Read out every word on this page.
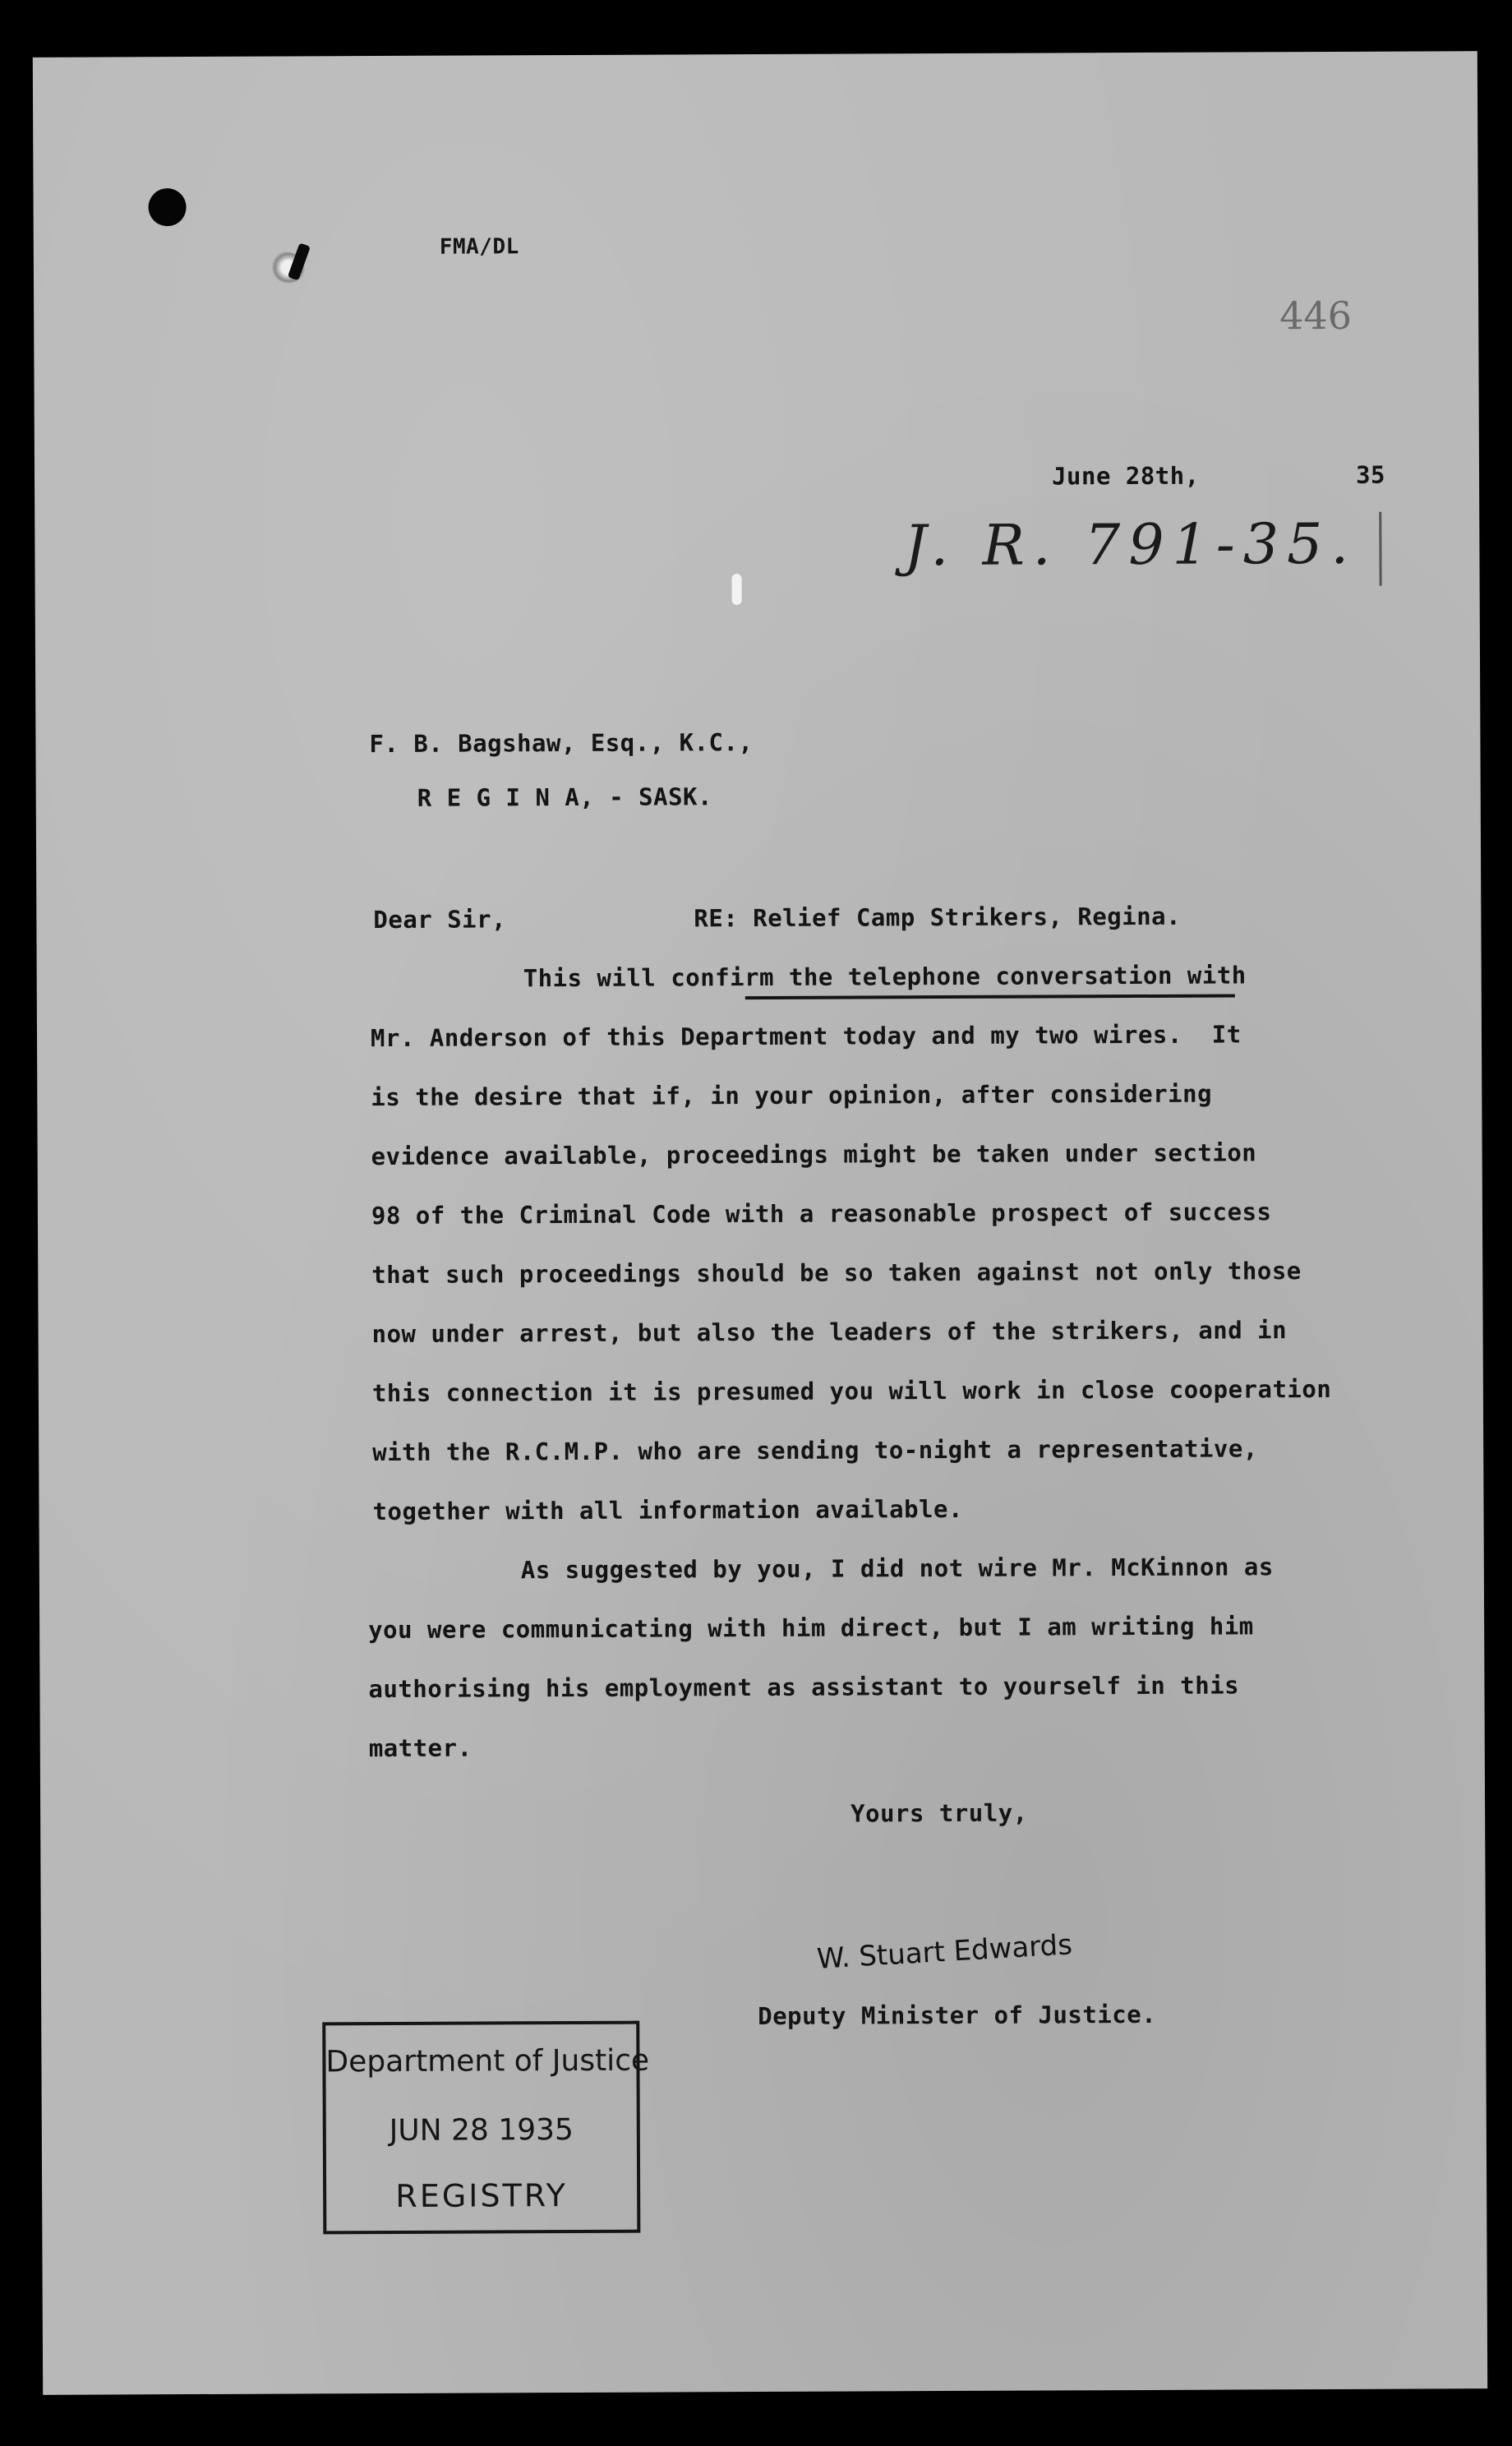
FMA/DL
446
June 28th,	35
J. R. 791-35.
F. B. Bagshaw, Esq., K.C.,
R E G I N A, - SASK.
Dear Sir,	RE: Relief Camp Strikers, Regina.
This will confirm the telephone conversation with
Mr. Anderson of this Department today and my two wires.  It
is the desire that if, in your opinion, after considering
evidence available, proceedings might be taken under section
98 of the Criminal Code with a reasonable prospect of success
that such proceedings should be so taken against not only those
now under arrest, but also the leaders of the strikers, and in
this connection it is presumed you will work in close cooperation
with the R.C.M.P. who are sending to-night a representative,
together with all information available.
As suggested by you, I did not wire Mr. McKinnon as
you were communicating with him direct, but I am writing him
authorising his employment as assistant to yourself in this
matter.
Yours truly,
W. Stuart Edwards
Deputy Minister of Justice.
Department of Justice
JUN 28 1935
REGISTRY
